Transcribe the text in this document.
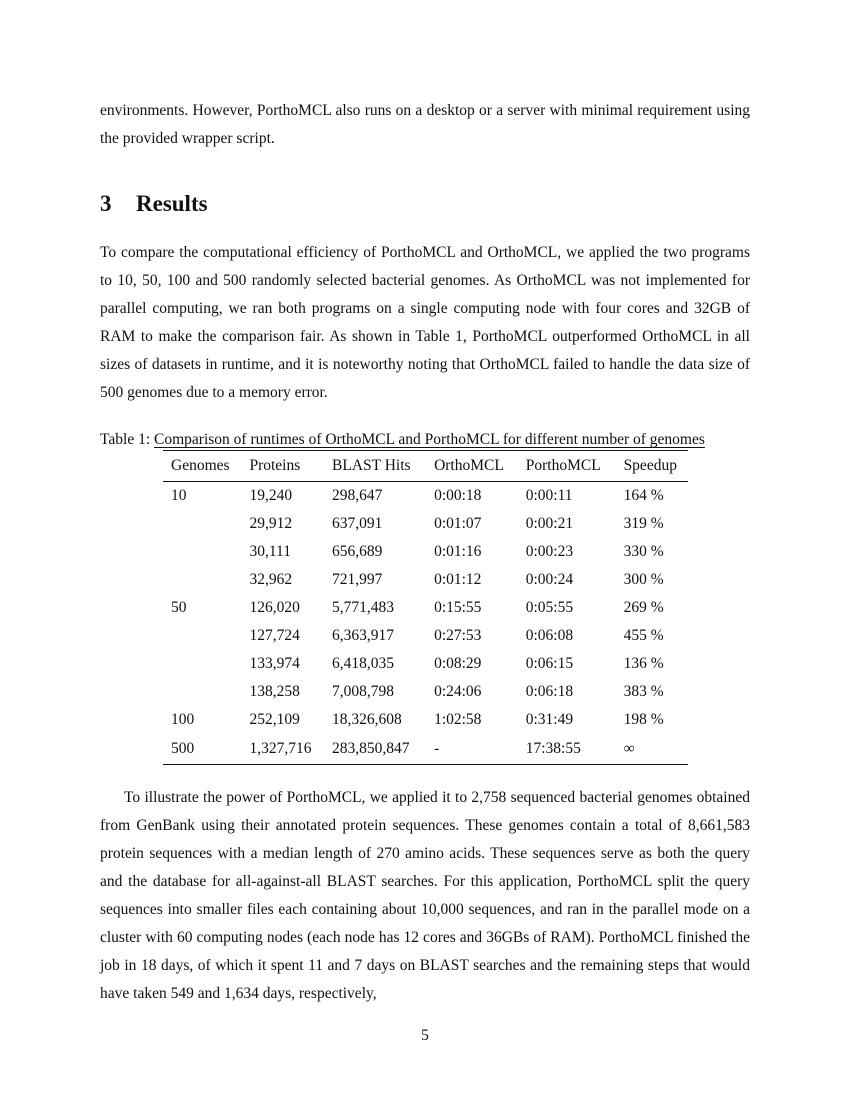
environments. However, PorthoMCL also runs on a desktop or a server with minimal requirement using the provided wrapper script.

3 Results

To compare the computational efficiency of PorthoMCL and OrthoMCL, we applied the two programs to 10, 50, 100 and 500 randomly selected bacterial genomes. As OrthoMCL was not implemented for parallel computing, we ran both programs on a single computing node with four cores and 32GB of RAM to make the comparison fair. As shown in Table 1, PorthoMCL outperformed OrthoMCL in all sizes of datasets in runtime, and it is noteworthy noting that OrthoMCL failed to handle the data size of 500 genomes due to a memory error.

Table 1: Comparison of runtimes of OrthoMCL and PorthoMCL for different number of genomes

Genomes	Proteins	BLAST Hits	OrthoMCL	PorthoMCL	Speedup
10	19,240	298,647	0:00:18	0:00:11	164 %
	29,912	637,091	0:01:07	0:00:21	319 %
	30,111	656,689	0:01:16	0:00:23	330 %
	32,962	721,997	0:01:12	0:00:24	300 %
50	126,020	5,771,483	0:15:55	0:05:55	269 %
	127,724	6,363,917	0:27:53	0:06:08	455 %
	133,974	6,418,035	0:08:29	0:06:15	136 %
	138,258	7,008,798	0:24:06	0:06:18	383 %
100	252,109	18,326,608	1:02:58	0:31:49	198 %
500	1,327,716	283,850,847	-	17:38:55	∞

To illustrate the power of PorthoMCL, we applied it to 2,758 sequenced bacterial genomes obtained from GenBank using their annotated protein sequences. These genomes contain a total of 8,661,583 protein sequences with a median length of 270 amino acids. These sequences serve as both the query and the database for all-against-all BLAST searches. For this application, PorthoMCL split the query sequences into smaller files each containing about 10,000 sequences, and ran in the parallel mode on a cluster with 60 computing nodes (each node has 12 cores and 36GBs of RAM). PorthoMCL finished the job in 18 days, of which it spent 11 and 7 days on BLAST searches and the remaining steps that would have taken 549 and 1,634 days, respectively,

5
